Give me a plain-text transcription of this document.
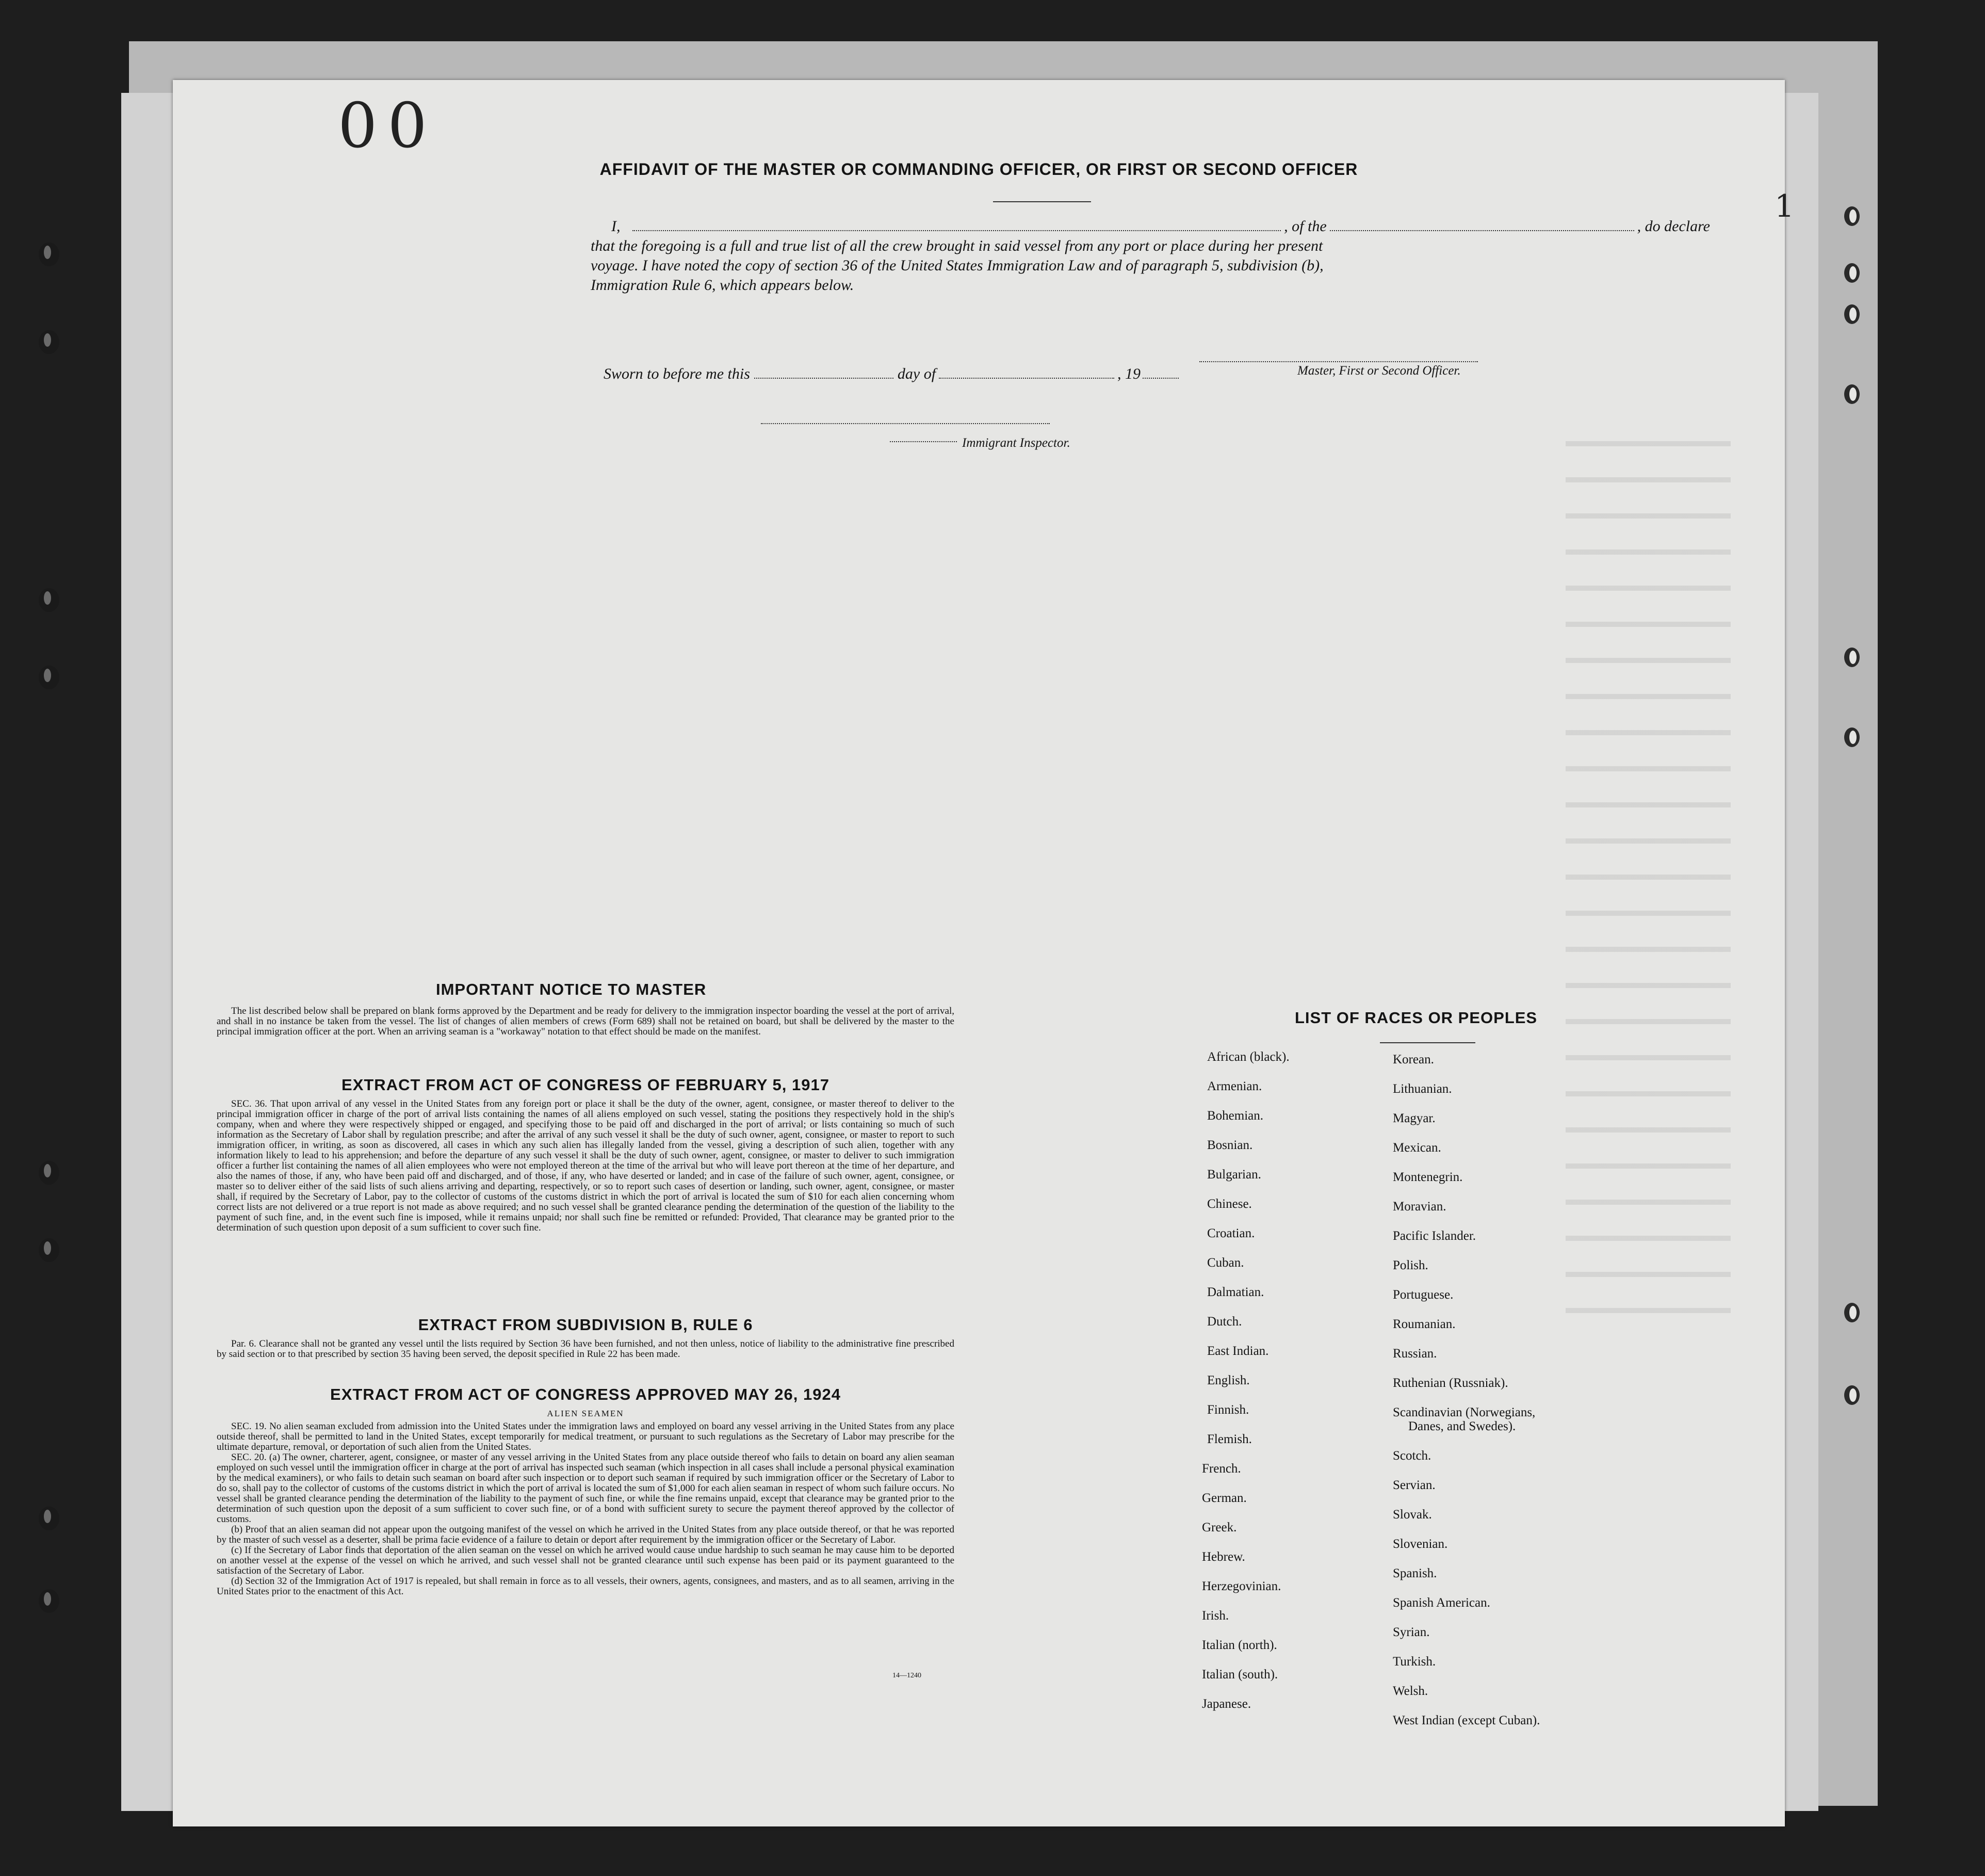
00
1
AFFIDAVIT OF THE MASTER OR COMMANDING OFFICER, OR FIRST OR SECOND OFFICER
I,	, of the	, do declare
that the foregoing is a full and true list of all the crew brought in said vessel from any port or place during her present
voyage. I have noted the copy of section 36 of the United States Immigration Law and of paragraph 5, subdivision (b),
Immigration Rule 6, which appears below.
Master, First or Second Officer.
Sworn to before me this	day of	, 19
Immigrant Inspector.
IMPORTANT NOTICE TO MASTER

The list described below shall be prepared on blank forms approved by the Department and be ready for delivery to the immigration inspector boarding the vessel at the port of arrival, and shall in no instance be taken from the vessel. The list of changes of alien members of crews (Form 689) shall not be retained on board, but shall be delivered by the master to the principal immigration officer at the port. When an arriving seaman is a "workaway" notation to that effect should be made on the manifest.

EXTRACT FROM ACT OF CONGRESS OF FEBRUARY 5, 1917

SEC. 36. That upon arrival of any vessel in the United States from any foreign port or place it shall be the duty of the owner, agent, consignee, or master thereof to deliver to the principal immigration officer in charge of the port of arrival lists containing the names of all aliens employed on such vessel, stating the positions they respectively hold in the ship's company, when and where they were respectively shipped or engaged, and specifying those to be paid off and discharged in the port of arrival; or lists containing so much of such information as the Secretary of Labor shall by regulation prescribe; and after the arrival of any such vessel it shall be the duty of such owner, agent, consignee, or master to report to such immigration officer, in writing, as soon as discovered, all cases in which any such alien has illegally landed from the vessel, giving a description of such alien, together with any information likely to lead to his apprehension; and before the departure of any such vessel it shall be the duty of such owner, agent, consignee, or master to deliver to such immigration officer a further list containing the names of all alien employees who were not employed thereon at the time of the arrival but who will leave port thereon at the time of her departure, and also the names of those, if any, who have been paid off and discharged, and of those, if any, who have deserted or landed; and in case of the failure of such owner, agent, consignee, or master so to deliver either of the said lists of such aliens arriving and departing, respectively, or so to report such cases of desertion or landing, such owner, agent, consignee, or master shall, if required by the Secretary of Labor, pay to the collector of customs of the customs district in which the port of arrival is located the sum of $10 for each alien concerning whom correct lists are not delivered or a true report is not made as above required; and no such vessel shall be granted clearance pending the determination of the question of the liability to the payment of such fine, and, in the event such fine is imposed, while it remains unpaid; nor shall such fine be remitted or refunded: Provided, That clearance may be granted prior to the determination of such question upon deposit of a sum sufficient to cover such fine.

EXTRACT FROM SUBDIVISION B, RULE 6

Par. 6. Clearance shall not be granted any vessel until the lists required by Section 36 have been furnished, and not then unless, notice of liability to the administrative fine prescribed by said section or to that prescribed by section 35 having been served, the deposit specified in Rule 22 has been made.

EXTRACT FROM ACT OF CONGRESS APPROVED MAY 26, 1924
ALIEN SEAMEN

SEC. 19. No alien seaman excluded from admission into the United States under the immigration laws and employed on board any vessel arriving in the United States from any place outside thereof, shall be permitted to land in the United States, except temporarily for medical treatment, or pursuant to such regulations as the Secretary of Labor may prescribe for the ultimate departure, removal, or deportation of such alien from the United States.

SEC. 20. (a) The owner, charterer, agent, consignee, or master of any vessel arriving in the United States from any place outside thereof who fails to detain on board any alien seaman employed on such vessel until the immigration officer in charge at the port of arrival has inspected such seaman (which inspection in all cases shall include a personal physical examination by the medical examiners), or who fails to detain such seaman on board after such inspection or to deport such seaman if required by such immigration officer or the Secretary of Labor to do so, shall pay to the collector of customs of the customs district in which the port of arrival is located the sum of $1,000 for each alien seaman in respect of whom such failure occurs. No vessel shall be granted clearance pending the determination of the liability to the payment of such fine, or while the fine remains unpaid, except that clearance may be granted prior to the determination of such question upon the deposit of a sum sufficient to cover such fine, or of a bond with sufficient surety to secure the payment thereof approved by the collector of customs.

(b) Proof that an alien seaman did not appear upon the outgoing manifest of the vessel on which he arrived in the United States from any place outside thereof, or that he was reported by the master of such vessel as a deserter, shall be prima facie evidence of a failure to detain or deport after requirement by the immigration officer or the Secretary of Labor.

(c) If the Secretary of Labor finds that deportation of the alien seaman on the vessel on which he arrived would cause undue hardship to such seaman he may cause him to be deported on another vessel at the expense of the vessel on which he arrived, and such vessel shall not be granted clearance until such expense has been paid or its payment guaranteed to the satisfaction of the Secretary of Labor.

(d) Section 32 of the Immigration Act of 1917 is repealed, but shall remain in force as to all vessels, their owners, agents, consignees, and masters, and as to all seamen, arriving in the United States prior to the enactment of this Act.

14—1240
LIST OF RACES OR PEOPLES
African (black).
Armenian.
Bohemian.
Bosnian.
Bulgarian.
Chinese.
Croatian.
Cuban.
Dalmatian.
Dutch.
East Indian.
English.
Finnish.
Flemish.
French.
German.
Greek.
Hebrew.
Herzegovinian.
Irish.
Italian (north).
Italian (south).
Japanese.
Korean.
Lithuanian.
Magyar.
Mexican.
Montenegrin.
Moravian.
Pacific Islander.
Polish.
Portuguese.
Roumanian.
Russian.
Ruthenian (Russniak).
Scandinavian (Norwegians,
Danes, and Swedes).
Scotch.
Servian.
Slovak.
Slovenian.
Spanish.
Spanish American.
Syrian.
Turkish.
Welsh.
West Indian (except Cuban).
